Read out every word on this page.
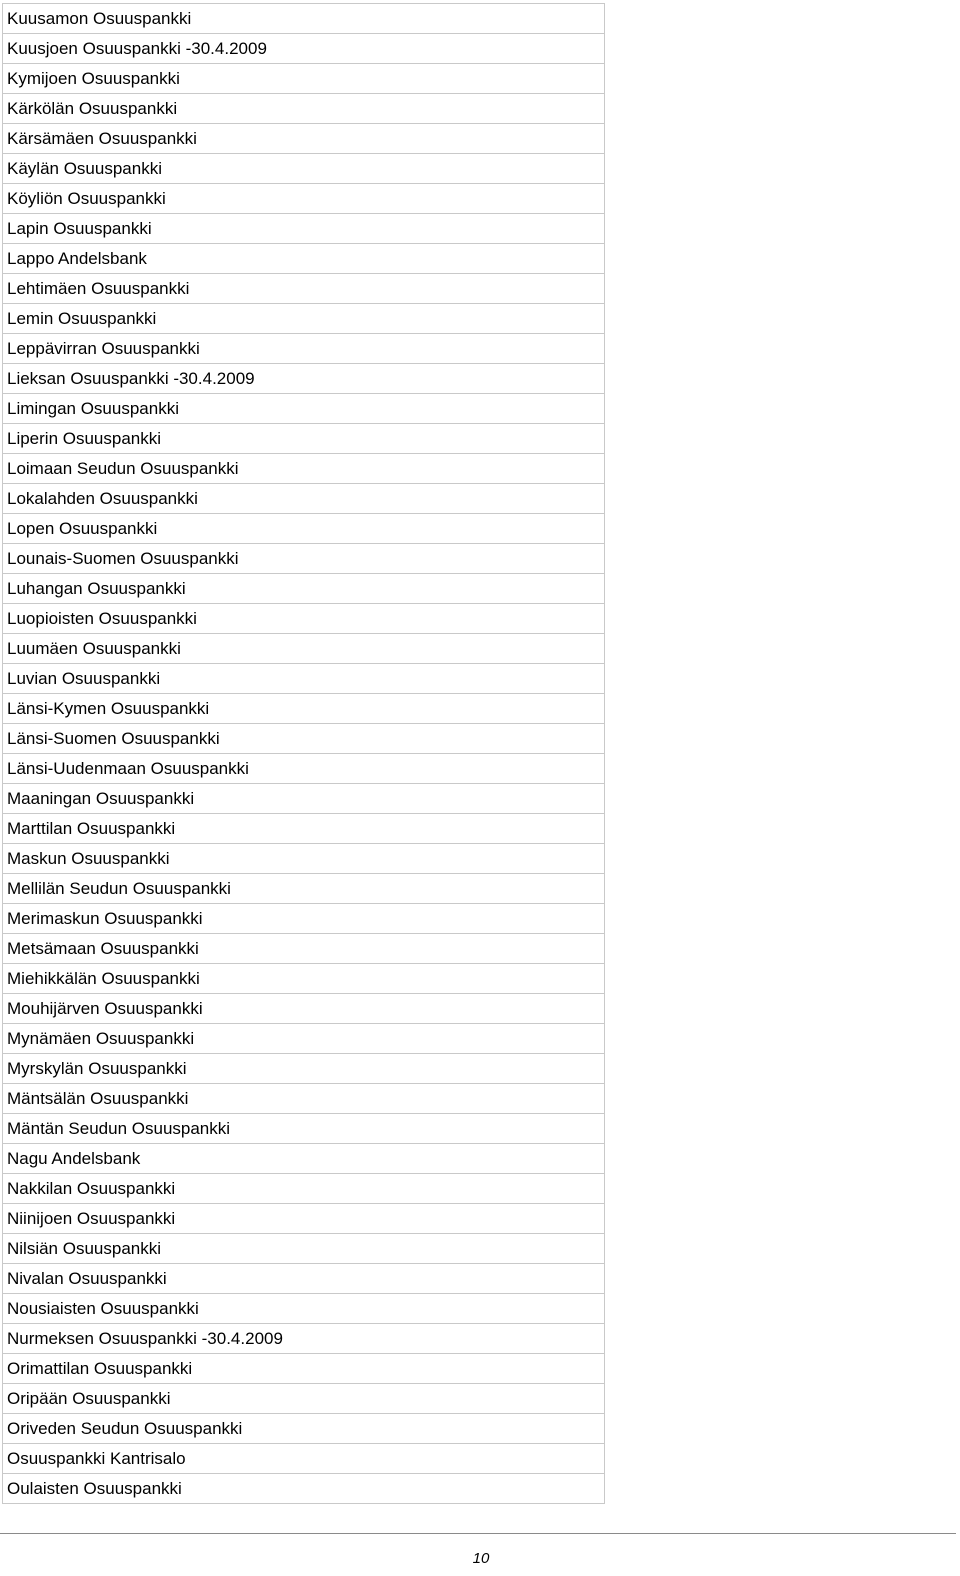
Kuusamon Osuuspankki
Kuusjoen Osuuspankki -30.4.2009
Kymijoen Osuuspankki
Kärkölän Osuuspankki
Kärsämäen Osuuspankki
Käylän Osuuspankki
Köyliön Osuuspankki
Lapin Osuuspankki
Lappo Andelsbank
Lehtimäen Osuuspankki
Lemin Osuuspankki
Leppävirran Osuuspankki
Lieksan Osuuspankki -30.4.2009
Limingan Osuuspankki
Liperin Osuuspankki
Loimaan Seudun Osuuspankki
Lokalahden Osuuspankki
Lopen Osuuspankki
Lounais-Suomen Osuuspankki
Luhangan Osuuspankki
Luopioisten Osuuspankki
Luumäen Osuuspankki
Luvian Osuuspankki
Länsi-Kymen Osuuspankki
Länsi-Suomen Osuuspankki
Länsi-Uudenmaan Osuuspankki
Maaningan Osuuspankki
Marttilan Osuuspankki
Maskun Osuuspankki
Mellilän Seudun Osuuspankki
Merimaskun Osuuspankki
Metsämaan Osuuspankki
Miehikkälän Osuuspankki
Mouhijärven Osuuspankki
Mynämäen Osuuspankki
Myrskylän Osuuspankki
Mäntsälän Osuuspankki
Mäntän Seudun Osuuspankki
Nagu Andelsbank
Nakkilan Osuuspankki
Niinijoen Osuuspankki
Nilsiän Osuuspankki
Nivalan Osuuspankki
Nousiaisten Osuuspankki
Nurmeksen Osuuspankki -30.4.2009
Orimattilan Osuuspankki
Oripään Osuuspankki
Oriveden Seudun Osuuspankki
Osuuspankki Kantrisalo
Oulaisten Osuuspankki
10
